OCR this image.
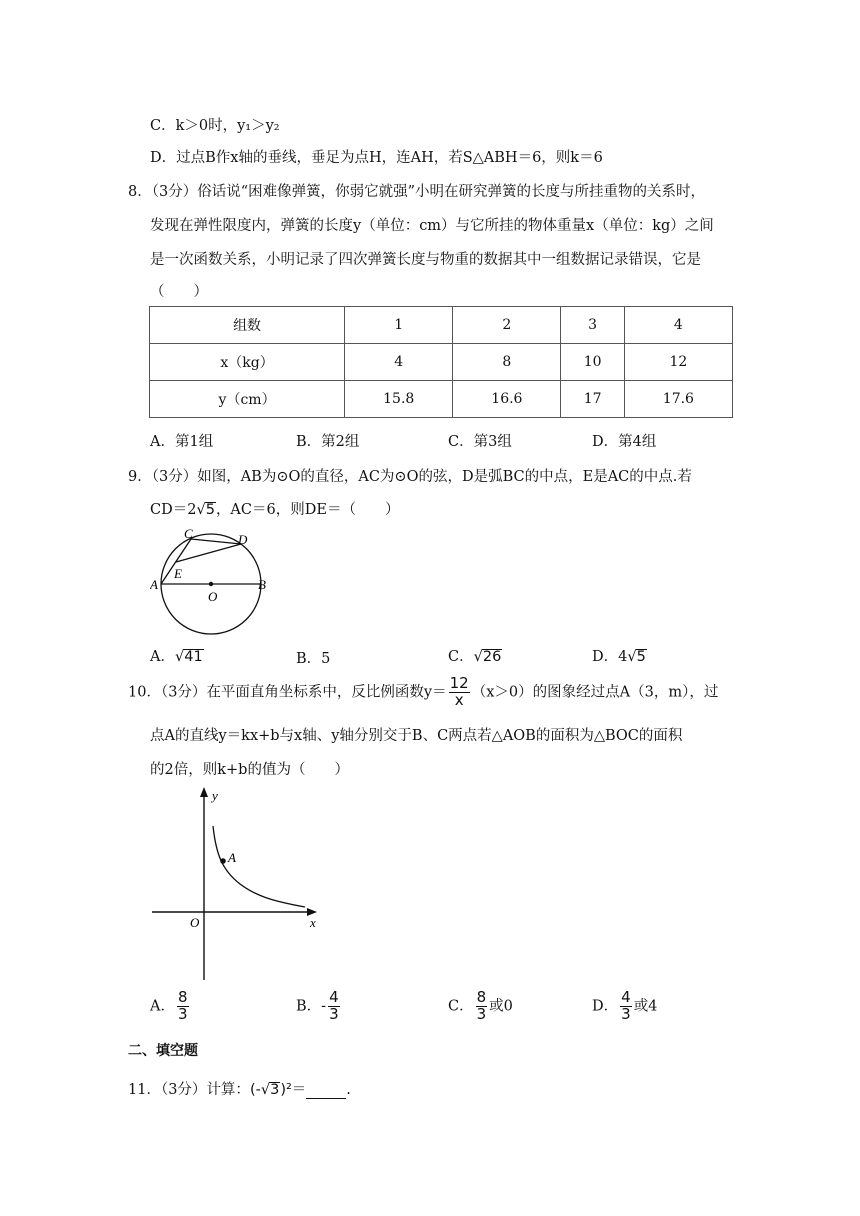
C．k＞0时，y₁＞y₂
D．过点B作x轴的垂线，垂足为点H，连AH，若S△ABH＝6，则k＝6
8．（3分）俗话说“困难像弹簧，你弱它就强”小明在研究弹簧的长度与所挂重物的关系时，
发现在弹性限度内，弹簧的长度y（单位：cm）与它所挂的物体重量x（单位：kg）之间
是一次函数关系，小明记录了四次弹簧长度与物重的数据其中一组数据记录错误，它是
（　　）
组数	1	2	3	4
x（kg）	4	8	10	12
y（cm）	15.8	16.6	17	17.6
A．第1组	B．第2组	C．第3组	D．第4组
9．（3分）如图，AB为⊙O的直径，AC为⊙O的弦，D是弧BC的中点，E是AC的中点.若
CD＝2√5，AC＝6，则DE＝（　　）
A	B
C	D
E
O
A．√41	B．5	C．√26	D．4√5
10．（3分）在平面直角坐标系中，反比例函数$y= \frac{12}{x} (x>0)$的图象经过点A（3，m），过
点A的直线y＝kx+b与x轴、y轴分别交于B、C两点若△AOB的面积为△BOC的面积
的2倍，则k+b的值为（　　）
y
x
O
A
A． $\frac{8}{3}$	B．- $\frac{4}{3}$	C． $\frac{8}{3}$ 或0	D． $\frac{4}{3}$ 或4
二、填空题
11．（3分）计算：(-√3)²＝	.
